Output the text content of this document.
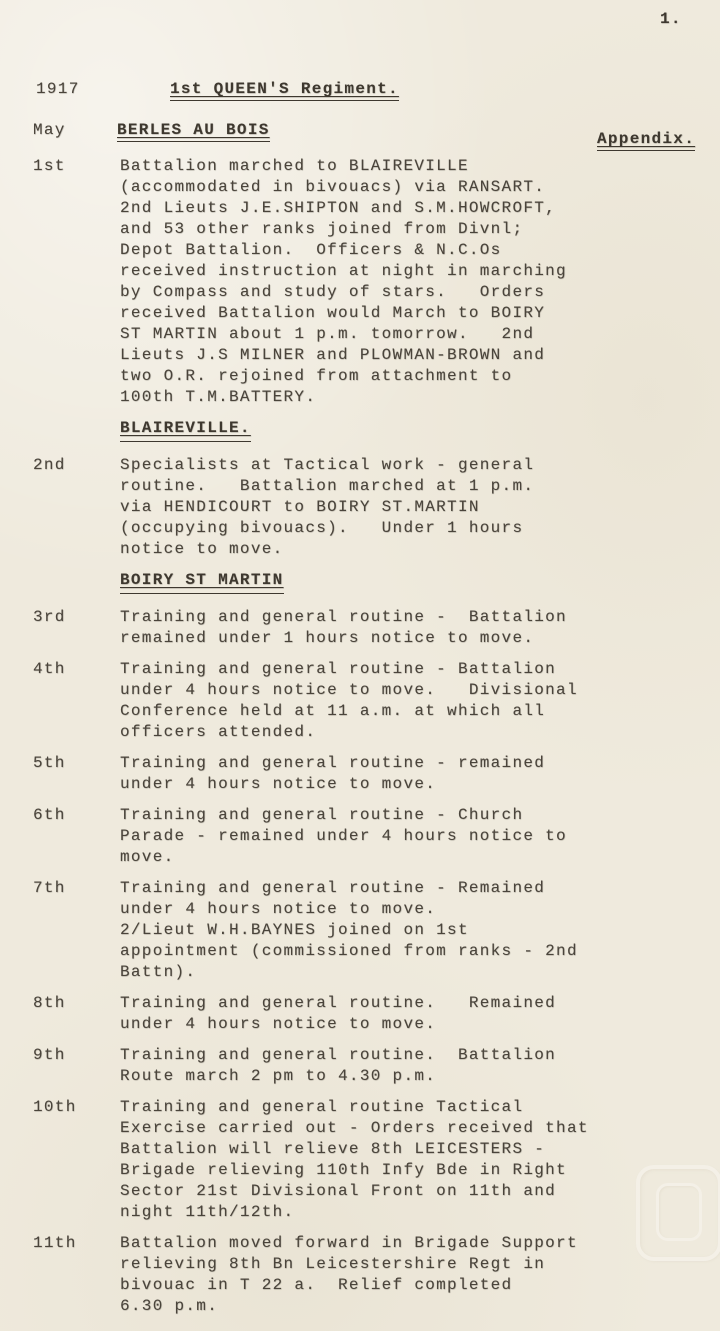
1.
1917	1st QUEEN'S Regiment.
May	BERLES AU BOIS	Appendix.
1st	Battalion marched to BLAIREVILLE
(accommodated in bivouacs) via RANSART.
2nd Lieuts J.E.SHIPTON and S.M.HOWCROFT,
and 53 other ranks joined from Divnl;
Depot Battalion.  Officers & N.C.Os
received instruction at night in marching
by Compass and study of stars.   Orders
received Battalion would March to BOIRY
ST MARTIN about 1 p.m. tomorrow.   2nd
Lieuts J.S MILNER and PLOWMAN-BROWN and
two O.R. rejoined from attachment to
100th T.M.BATTERY.
BLAIREVILLE.
2nd	Specialists at Tactical work - general
routine.   Battalion marched at 1 p.m.
via HENDICOURT to BOIRY ST.MARTIN
(occupying bivouacs).   Under 1 hours
notice to move.
BOIRY ST MARTIN
3rd	Training and general routine -  Battalion
remained under 1 hours notice to move.
4th	Training and general routine - Battalion
under 4 hours notice to move.   Divisional
Conference held at 11 a.m. at which all
officers attended.
5th	Training and general routine - remained
under 4 hours notice to move.
6th	Training and general routine - Church
Parade - remained under 4 hours notice to
move.
7th	Training and general routine - Remained
under 4 hours notice to move.
2/Lieut W.H.BAYNES joined on 1st
appointment (commissioned from ranks - 2nd
Battn).
8th	Training and general routine.   Remained
under 4 hours notice to move.
9th	Training and general routine.  Battalion
Route march 2 pm to 4.30 p.m.
10th	Training and general routine Tactical
Exercise carried out - Orders received that
Battalion will relieve 8th LEICESTERS -
Brigade relieving 110th Infy Bde in Right
Sector 21st Divisional Front on 11th and
night 11th/12th.
11th	Battalion moved forward in Brigade Support
relieving 8th Bn Leicestershire Regt in
bivouac in T 22 a.  Relief completed
6.30 p.m.
